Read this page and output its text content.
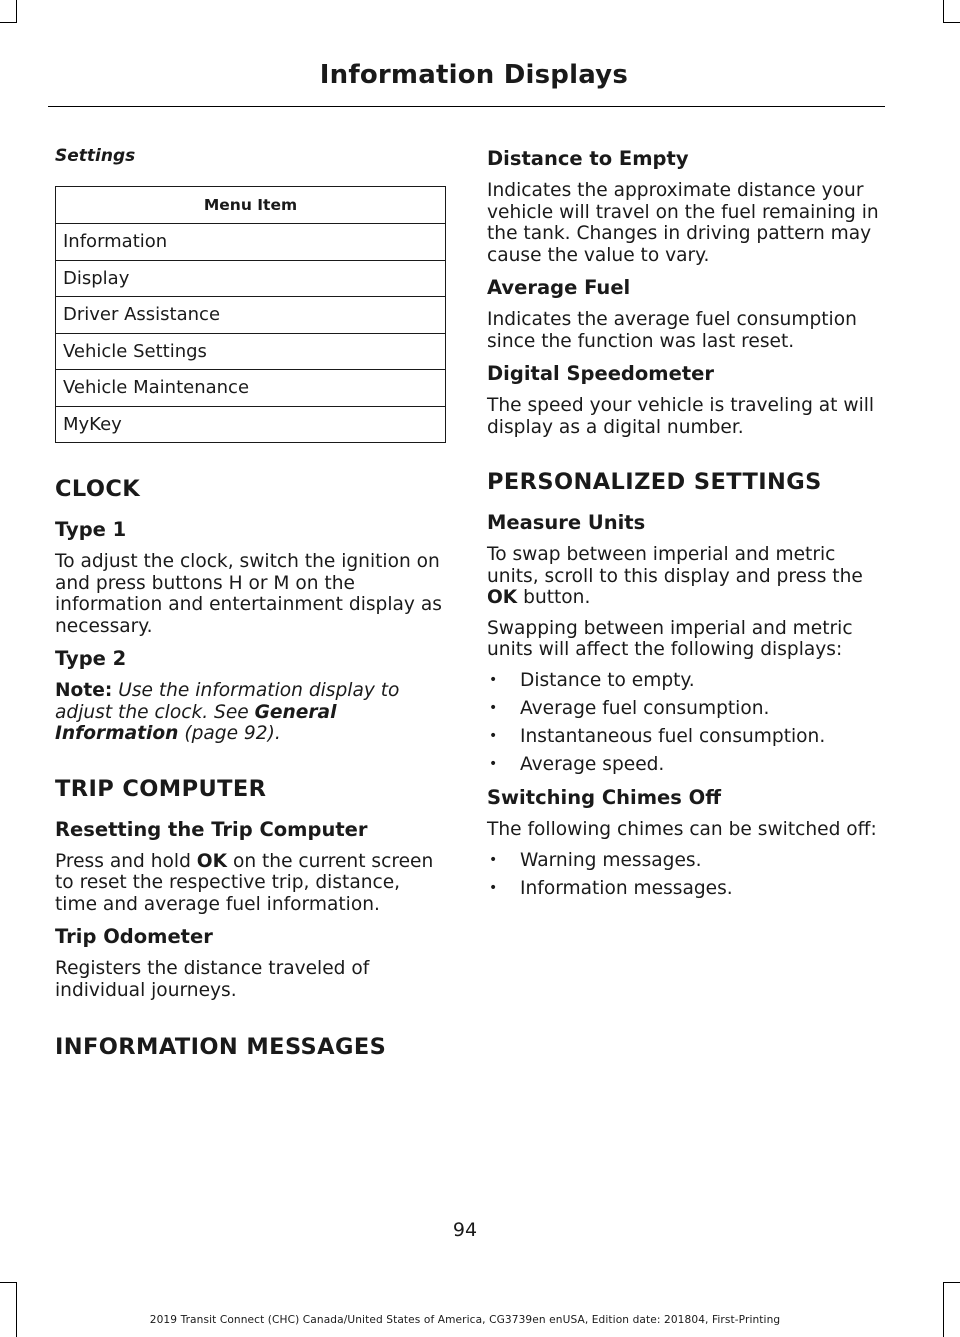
Information Displays
Settings
Menu Item
Information
Display
Driver Assistance
Vehicle Settings
Vehicle Maintenance
MyKey
CLOCK
Type 1
To adjust the clock, switch the ignition on and press buttons H or M on the information and entertainment display as necessary.
Type 2
Note: Use the information display to adjust the clock. See General Information (page 92).
TRIP COMPUTER
Resetting the Trip Computer
Press and hold OK on the current screen to reset the respective trip, distance, time and average fuel information.
Trip Odometer
Registers the distance traveled of individual journeys.
INFORMATION MESSAGES
Distance to Empty
Indicates the approximate distance your vehicle will travel on the fuel remaining in the tank. Changes in driving pattern may cause the value to vary.
Average Fuel
Indicates the average fuel consumption since the function was last reset.
Digital Speedometer
The speed your vehicle is traveling at will display as a digital number.
PERSONALIZED SETTINGS
Measure Units
To swap between imperial and metric units, scroll to this display and press the OK button.
Swapping between imperial and metric units will affect the following displays:
• Distance to empty.
• Average fuel consumption.
• Instantaneous fuel consumption.
• Average speed.
Switching Chimes Off
The following chimes can be switched off:
• Warning messages.
• Information messages.
94
2019 Transit Connect (CHC) Canada/United States of America, CG3739en enUSA, Edition date: 201804, First-Printing
